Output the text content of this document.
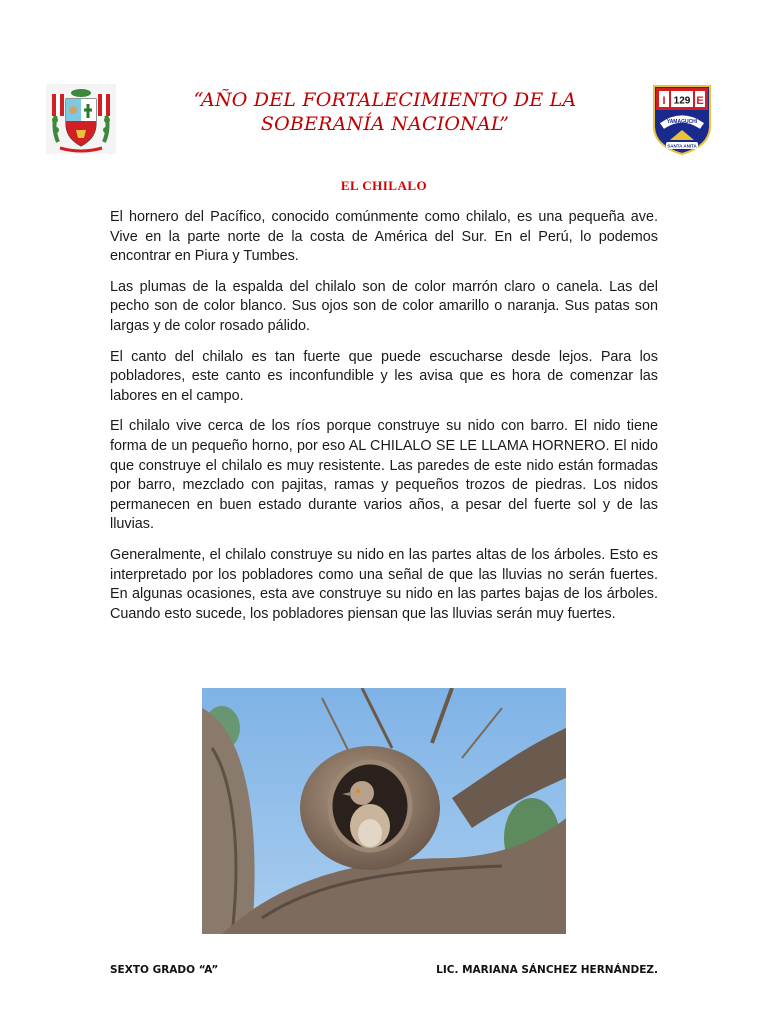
“AÑO DEL FORTALECIMIENTO DE LA SOBERANÍA NACIONAL”
I 129 E
YAMAGUCHI
SANTA ANITA
EL CHILALO

El hornero del Pacífico, conocido comúnmente como chilalo, es una pequeña ave. Vive en la parte norte de la costa de América del Sur. En el Perú, lo podemos encontrar en Piura y Tumbes.

Las plumas de la espalda del chilalo son de color marrón claro o canela. Las del pecho son de color blanco. Sus ojos son de color amarillo o naranja. Sus patas son largas y de color rosado pálido.

El canto del chilalo es tan fuerte que puede escucharse desde lejos. Para los pobladores, este canto es inconfundible y les avisa que es hora de comenzar las labores en el campo.

El chilalo vive cerca de los ríos porque construye su nido con barro. El nido tiene forma de un pequeño horno, por eso AL CHILALO SE LE LLAMA HORNERO. El nido que construye el chilalo es muy resistente. Las paredes de este nido están formadas por barro, mezclado con pajitas, ramas y pequeños trozos de piedras. Los nidos permanecen en buen estado durante varios años, a pesar del fuerte sol y de las lluvias.

Generalmente, el chilalo construye su nido en las partes altas de los árboles. Esto es interpretado por los pobladores como una señal de que las lluvias no serán fuertes. En algunas ocasiones, esta ave construye su nido en las partes bajas de los árboles. Cuando esto sucede, los pobladores piensan que las lluvias serán muy fuertes.

SEXTO GRADO “A”	LIC. MARIANA SÁNCHEZ HERNÁNDEZ.
